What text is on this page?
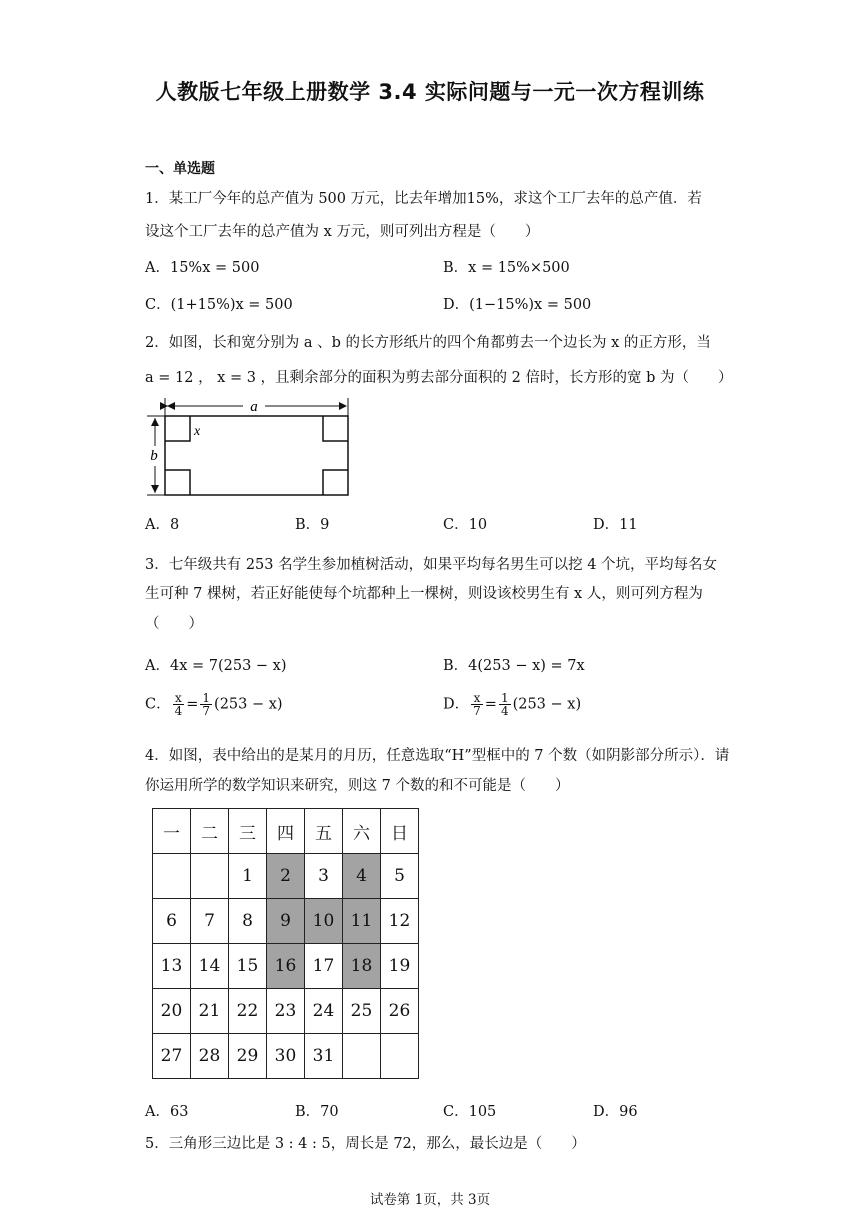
人教版七年级上册数学 3.4 实际问题与一元一次方程训练
一、单选题
1．某工厂今年的总产值为 500 万元，比去年增加15%，求这个工厂去年的总产值．若
设这个工厂去年的总产值为 x 万元，则可列出方程是（　　）
A．15%x = 500	B．x = 15%×500
C．(1+15%)x = 500	D．(1−15%)x = 500
2．如图，长和宽分别为 a 、b 的长方形纸片的四个角都剪去一个边长为 x 的正方形，当
a = 12 ， x = 3 ，且剩余部分的面积为剪去部分面积的 2 倍时，长方形的宽 b 为（　　）
a
b
x
A．8	B．9	C．10	D．11
3．七年级共有 253 名学生参加植树活动，如果平均每名男生可以挖 4 个坑，平均每名女
生可种 7 棵树，若正好能使每个坑都种上一棵树，则设该校男生有 x 人，则可列方程为
（　　）
A．4x = 7(253 − x)	B．4(253 − x) = 7x
C． $\frac{x}{4} = \frac{1}{7} (253 - x)$	D． $\frac{x}{7} = \frac{1}{4} (253 - x)$
4．如图，表中给出的是某月的月历，任意选取“H”型框中的 7 个数（如阴影部分所示）．请
你运用所学的数学知识来研究，则这 7 个数的和不可能是（　　）
一	二	三	四	五	六	日
		1	2	3	4	5
6	7	8	9	10	11	12
13	14	15	16	17	18	19
20	21	22	23	24	25	26
27	28	29	30	31		
A．63	B．70	C．105	D．96
5．三角形三边比是 3 : 4 : 5，周长是 72，那么，最长边是（　　）
试卷第 1页，共 3页
